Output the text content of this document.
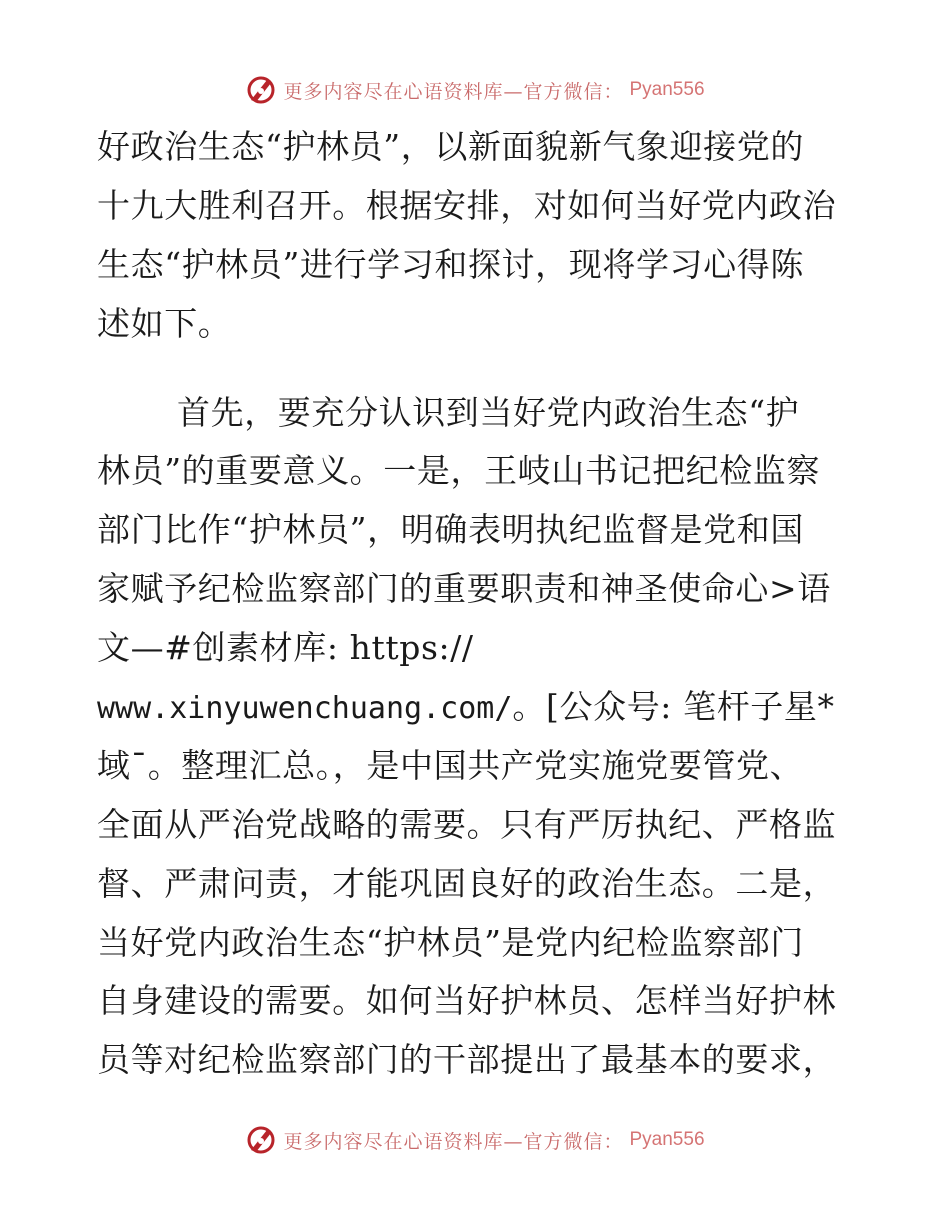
更多内容尽在心语资料库—官方微信： Pyan556
好政治生态“护林员”，以新面貌新气象迎接党的
十九大胜利召开。根据安排，对如何当好党内政治
生态“护林员”进行学习和探讨，现将学习心得陈
述如下。
首先，要充分认识到当好党内政治生态“护
林员”的重要意义。一是，王岐山书记把纪检监察
部门比作“护林员”，明确表明执纪监督是党和国
家赋予纪检监察部门的重要职责和神圣使命心>语
文—#创素材库: https://
www.xinyuwenchuang.com/。[公众号: 笔杆子星*
域¯。整理汇总。，是中国共产党实施党要管党、
全面从严治党战略的需要。只有严厉执纪、严格监
督、严肃问责，才能巩固良好的政治生态。二是，
当好党内政治生态“护林员”是党内纪检监察部门
自身建设的需要。如何当好护林员、怎样当好护林
员等对纪检监察部门的干部提出了最基本的要求，
更多内容尽在心语资料库—官方微信： Pyan556
